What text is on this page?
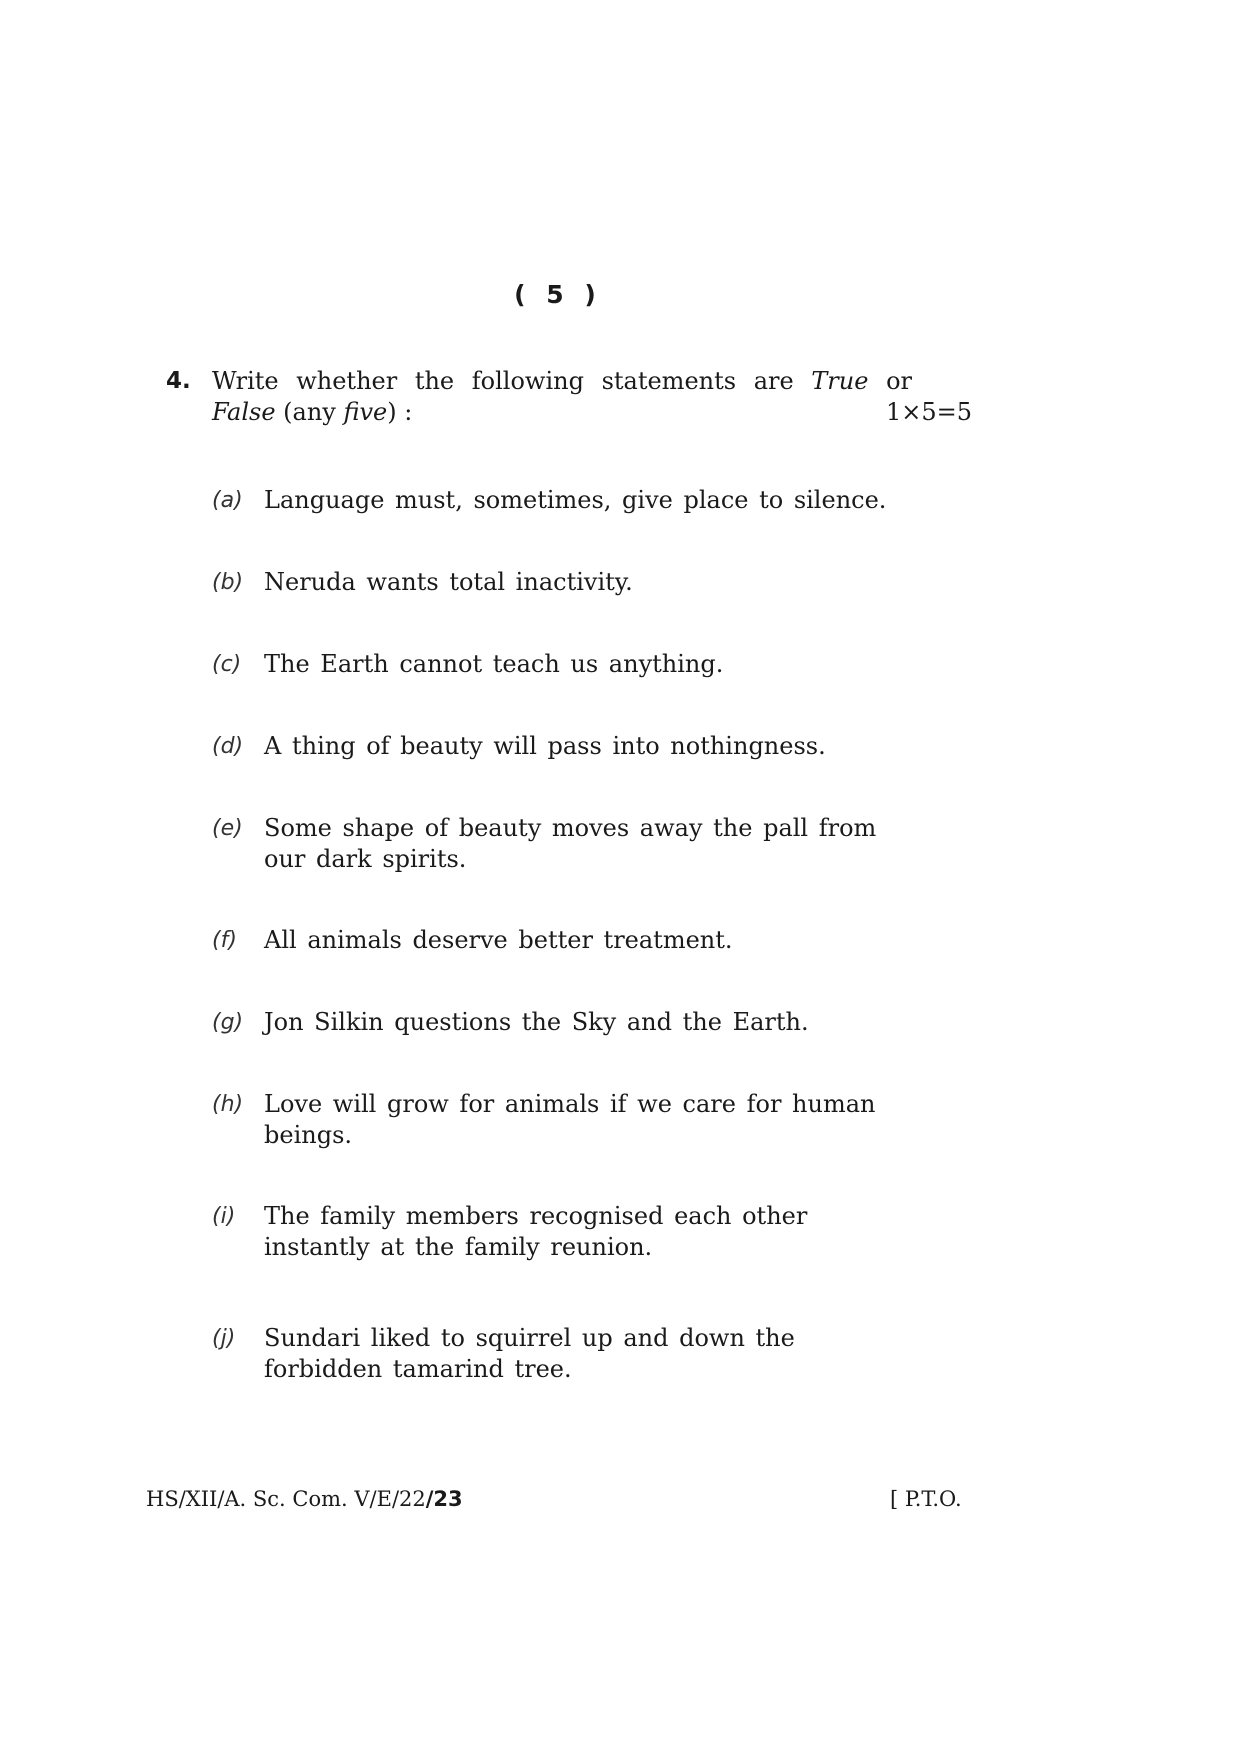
( 5 )
4. Write whether the following statements are True or
False (any five) :	1×5=5
(a) Language must, sometimes, give place to silence.
(b) Neruda wants total inactivity.
(c) The Earth cannot teach us anything.
(d) A thing of beauty will pass into nothingness.
(e) Some shape of beauty moves away the pall from our dark spirits.
(f) All animals deserve better treatment.
(g) Jon Silkin questions the Sky and the Earth.
(h) Love will grow for animals if we care for human beings.
(i) The family members recognised each other instantly at the family reunion.
(j) Sundari liked to squirrel up and down the forbidden tamarind tree.
HS/XII/A. Sc. Com. V/E/22/23	[ P.T.O.
